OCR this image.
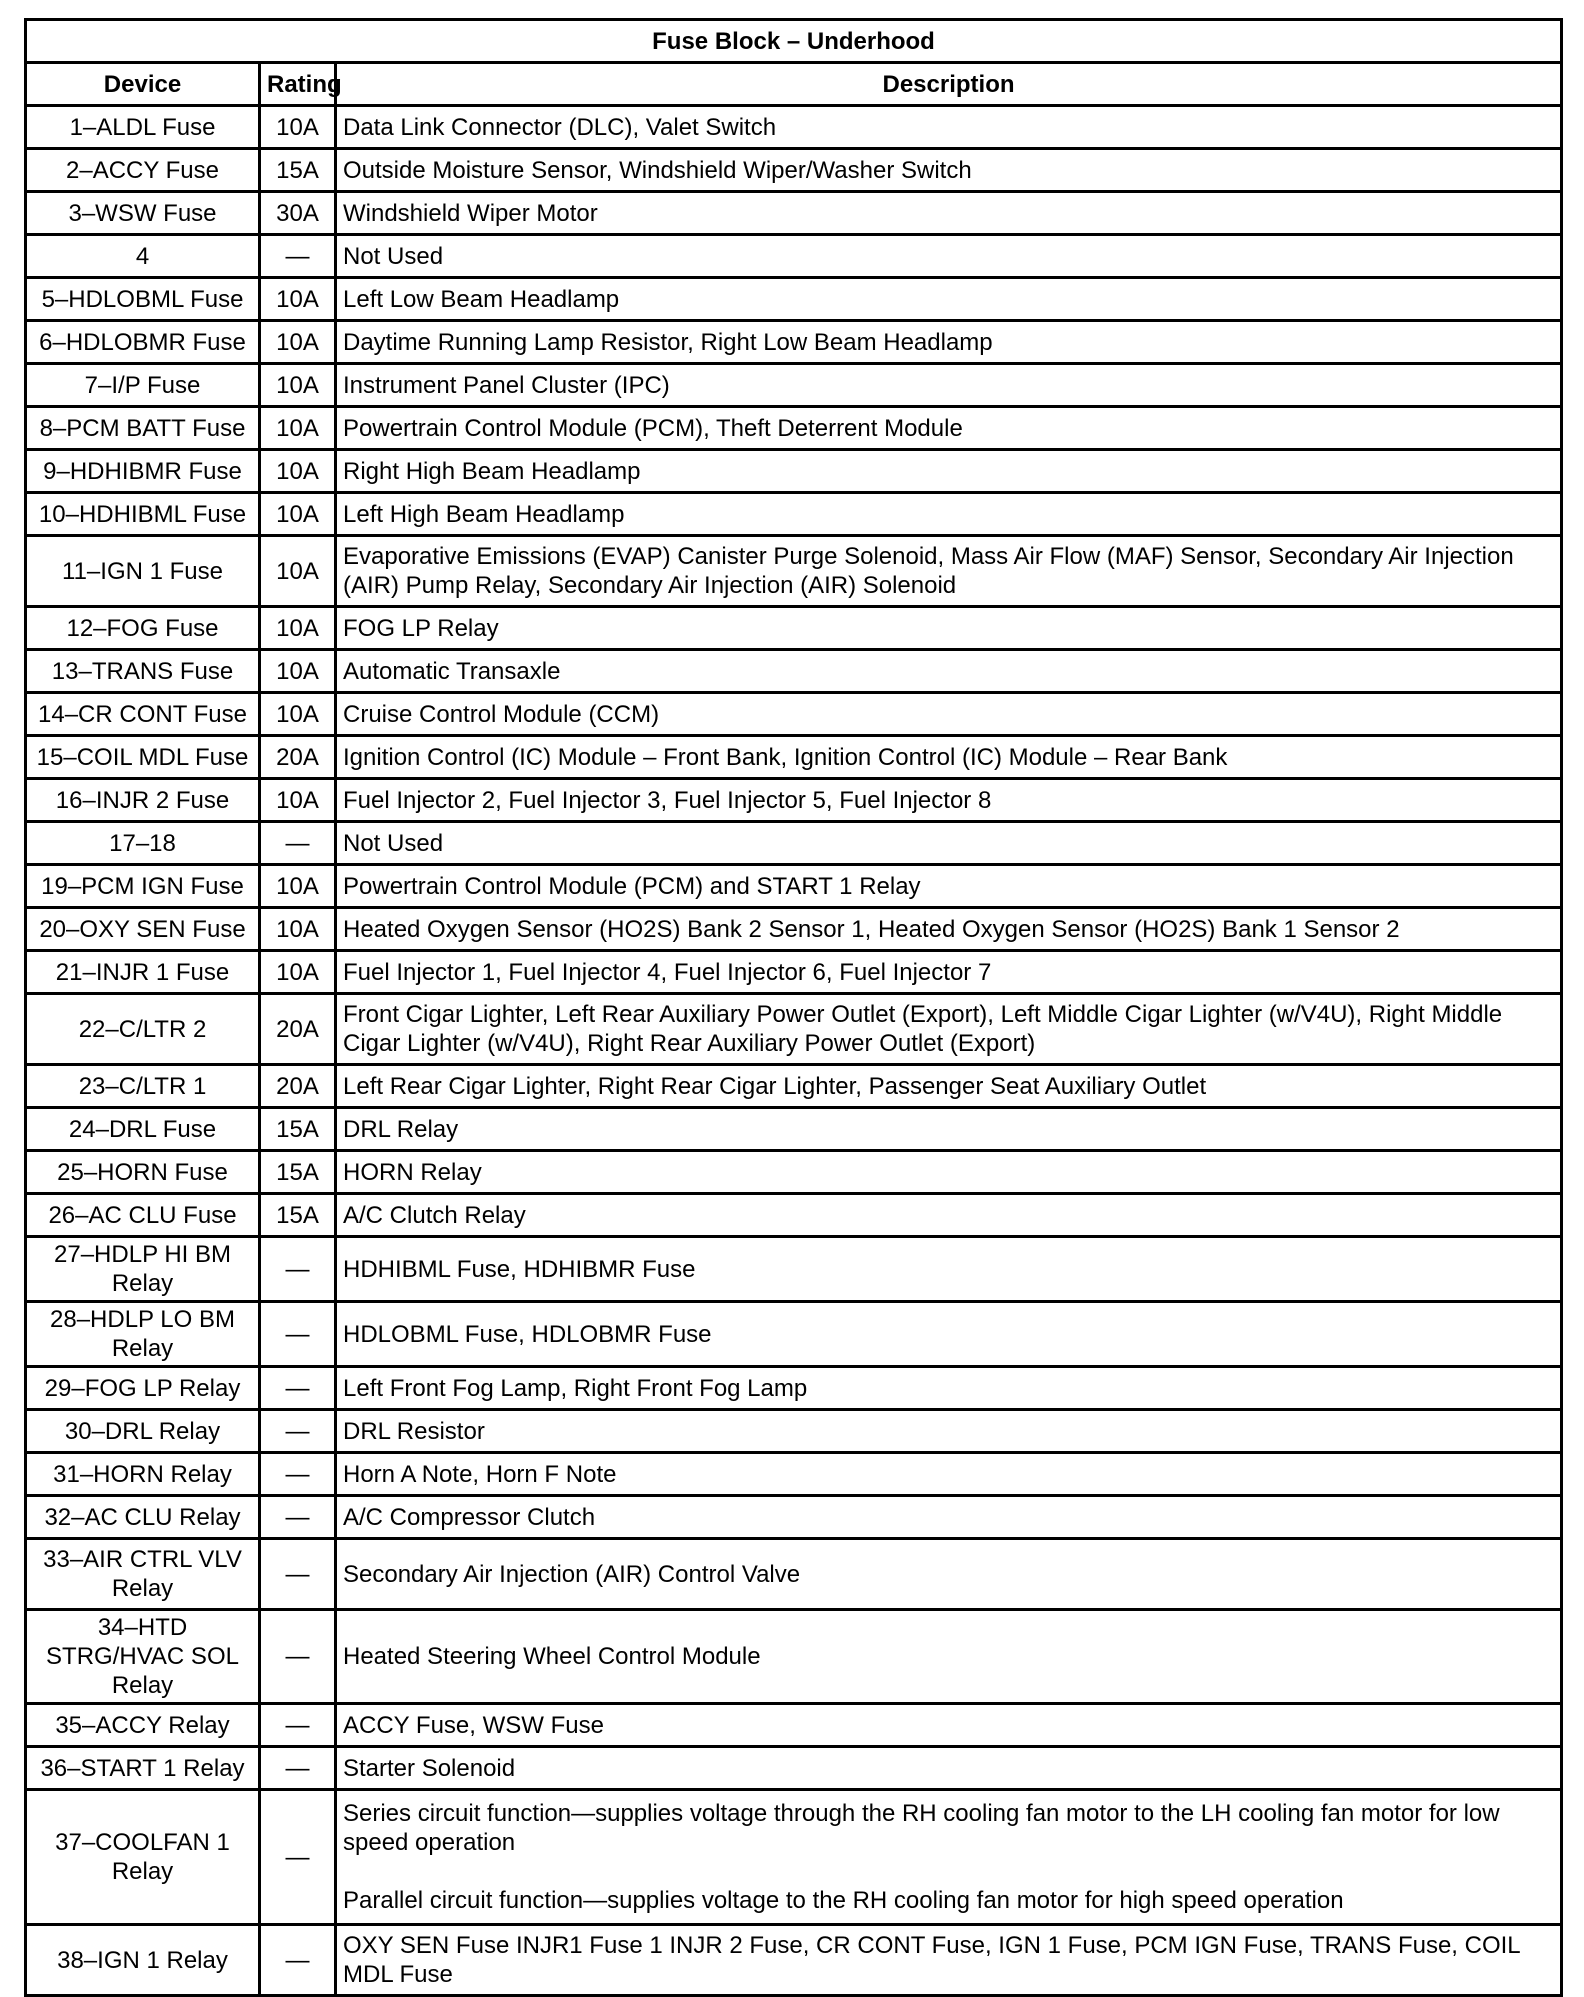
Fuse Block – Underhood		
Device	Rating	Description
1–ALDL Fuse	10A	Data Link Connector (DLC), Valet Switch
2–ACCY Fuse	15A	Outside Moisture Sensor, Windshield Wiper/Washer Switch
3–WSW Fuse	30A	Windshield Wiper Motor
4	—	Not Used
5–HDLOBML Fuse	10A	Left Low Beam Headlamp
6–HDLOBMR Fuse	10A	Daytime Running Lamp Resistor, Right Low Beam Headlamp
7–I/P Fuse	10A	Instrument Panel Cluster (IPC)
8–PCM BATT Fuse	10A	Powertrain Control Module (PCM), Theft Deterrent Module
9–HDHIBMR Fuse	10A	Right High Beam Headlamp
10–HDHIBML Fuse	10A	Left High Beam Headlamp
11–IGN 1 Fuse	10A	Evaporative Emissions (EVAP) Canister Purge Solenoid, Mass Air Flow (MAF) Sensor, Secondary Air Injection (AIR) Pump Relay, Secondary Air Injection (AIR) Solenoid
12–FOG Fuse	10A	FOG LP Relay
13–TRANS Fuse	10A	Automatic Transaxle
14–CR CONT Fuse	10A	Cruise Control Module (CCM)
15–COIL MDL Fuse	20A	Ignition Control (IC) Module – Front Bank, Ignition Control (IC) Module – Rear Bank
16–INJR 2 Fuse	10A	Fuel Injector 2, Fuel Injector 3, Fuel Injector 5, Fuel Injector 8
17–18	—	Not Used
19–PCM IGN Fuse	10A	Powertrain Control Module (PCM) and START 1 Relay
20–OXY SEN Fuse	10A	Heated Oxygen Sensor (HO2S) Bank 2 Sensor 1, Heated Oxygen Sensor (HO2S) Bank 1 Sensor 2
21–INJR 1 Fuse	10A	Fuel Injector 1, Fuel Injector 4, Fuel Injector 6, Fuel Injector 7
22–C/LTR 2	20A	Front Cigar Lighter, Left Rear Auxiliary Power Outlet (Export), Left Middle Cigar Lighter (w/V4U), Right Middle Cigar Lighter (w/V4U), Right Rear Auxiliary Power Outlet (Export)
23–C/LTR 1	20A	Left Rear Cigar Lighter, Right Rear Cigar Lighter, Passenger Seat Auxiliary Outlet
24–DRL Fuse	15A	DRL Relay
25–HORN Fuse	15A	HORN Relay
26–AC CLU Fuse	15A	A/C Clutch Relay
27–HDLP HI BM Relay	—	HDHIBML Fuse, HDHIBMR Fuse
28–HDLP LO BM Relay	—	HDLOBML Fuse, HDLOBMR Fuse
29–FOG LP Relay	—	Left Front Fog Lamp, Right Front Fog Lamp
30–DRL Relay	—	DRL Resistor
31–HORN Relay	—	Horn A Note, Horn F Note
32–AC CLU Relay	—	A/C Compressor Clutch
33–AIR CTRL VLV Relay	—	Secondary Air Injection (AIR) Control Valve
34–HTD STRG/HVAC SOL Relay	—	Heated Steering Wheel Control Module
35–ACCY Relay	—	ACCY Fuse, WSW Fuse
36–START 1 Relay	—	Starter Solenoid
37–COOLFAN 1 Relay	—	Series circuit function—supplies voltage through the RH cooling fan motor to the LH cooling fan motor for low speed operation
Parallel circuit function—supplies voltage to the RH cooling fan motor for high speed operation

38–IGN 1 Relay	—	OXY SEN Fuse INJR1 Fuse 1 INJR 2 Fuse, CR CONT Fuse, IGN 1 Fuse, PCM IGN Fuse, TRANS Fuse, COIL MDL Fuse
